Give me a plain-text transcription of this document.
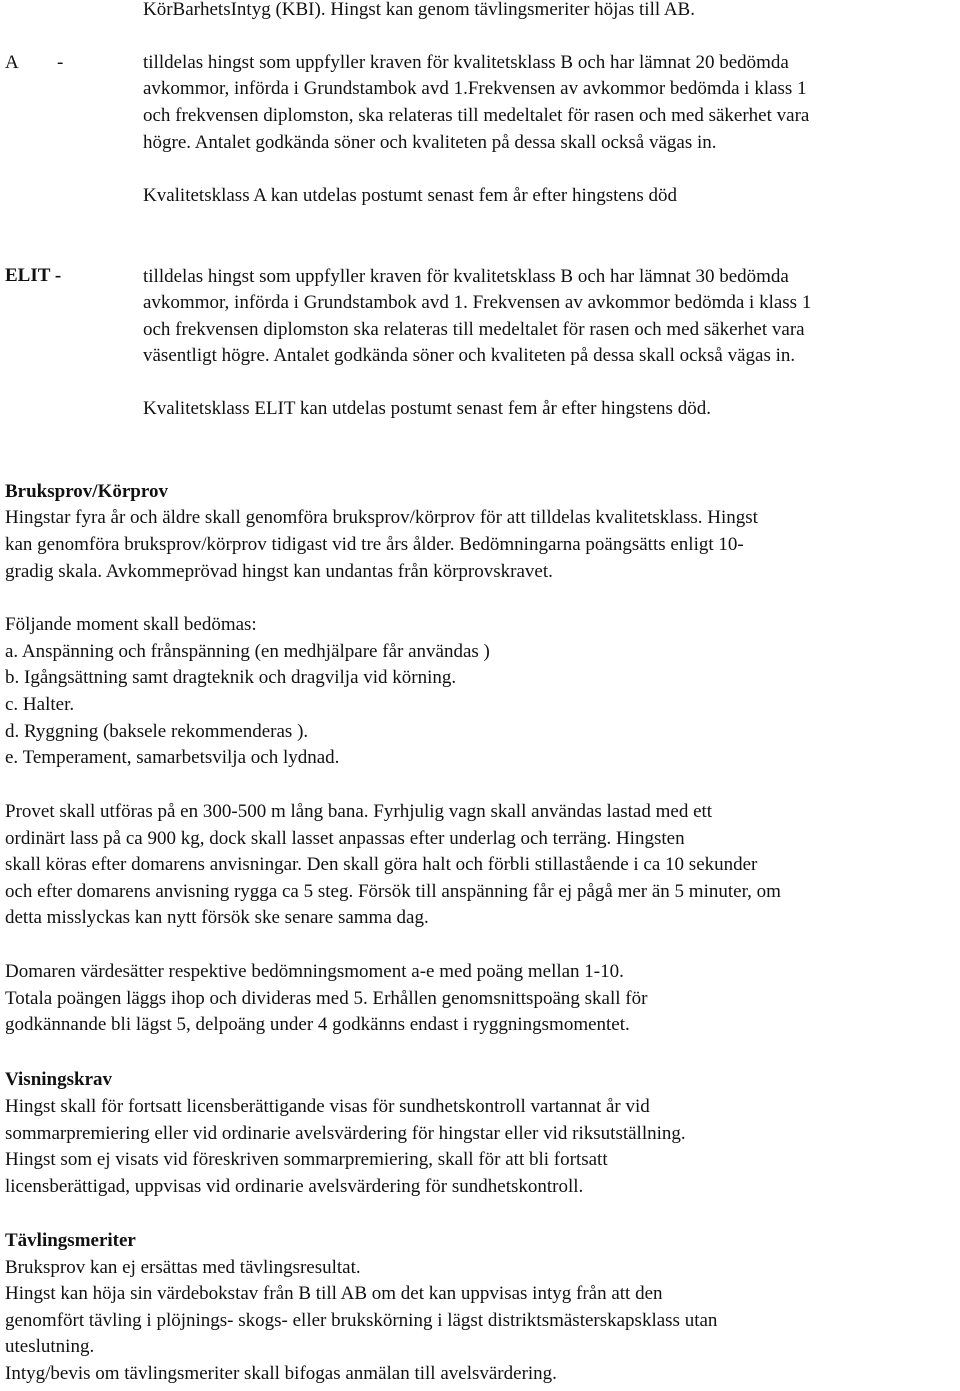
KörBarhetsIntyg (KBI). Hingst kan genom tävlingsmeriter höjas till AB.
A -	tilldelas hingst som uppfyller kraven för kvalitetsklass B och har lämnat 20 bedömda
avkommor, införda i Grundstambok avd 1.Frekvensen av avkommor bedömda i klass 1
och frekvensen diplomston, ska relateras till medeltalet för rasen och med säkerhet vara
högre. Antalet godkända söner och kvaliteten på dessa skall också vägas in.
Kvalitetsklass A kan utdelas postumt senast fem år efter hingstens död
ELIT -	tilldelas hingst som uppfyller kraven för kvalitetsklass B och har lämnat 30 bedömda
avkommor, införda i Grundstambok avd 1. Frekvensen av avkommor bedömda i klass 1
och frekvensen diplomston ska relateras till medeltalet för rasen och med säkerhet vara
väsentligt högre. Antalet godkända söner och kvaliteten på dessa skall också vägas in.
Kvalitetsklass ELIT kan utdelas postumt senast fem år efter hingstens död.
Bruksprov/Körprov
Hingstar fyra år och äldre skall genomföra bruksprov/körprov för att tilldelas kvalitetsklass. Hingst
kan genomföra bruksprov/körprov tidigast vid tre års ålder. Bedömningarna poängsätts enligt 10-
gradig skala. Avkommeprövad hingst kan undantas från körprovskravet.
Följande moment skall bedömas:
a. Anspänning och frånspänning (en medhjälpare får användas )
b. Igångsättning samt dragteknik och dragvilja vid körning.
c. Halter.
d. Ryggning (baksele rekommenderas ).
e. Temperament, samarbetsvilja och lydnad.
Provet skall utföras på en 300-500 m lång bana. Fyrhjulig vagn skall användas lastad med ett
ordinärt lass på ca 900 kg, dock skall lasset anpassas efter underlag och terräng. Hingsten
skall köras efter domarens anvisningar. Den skall göra halt och förbli stillastående i ca 10 sekunder
och efter domarens anvisning rygga ca 5 steg. Försök till anspänning får ej pågå mer än 5 minuter, om
detta misslyckas kan nytt försök ske senare samma dag.
Domaren värdesätter respektive bedömningsmoment a-e med poäng mellan 1-10.
Totala poängen läggs ihop och divideras med 5. Erhållen genomsnittspoäng skall för
godkännande bli lägst 5, delpoäng under 4 godkänns endast i ryggningsmomentet.
Visningskrav
Hingst skall för fortsatt licensberättigande visas för sundhetskontroll vartannat år vid
sommarpremiering eller vid ordinarie avelsvärdering för hingstar eller vid riksutställning.
Hingst som ej visats vid föreskriven sommarpremiering, skall för att bli fortsatt
licensberättigad, uppvisas vid ordinarie avelsvärdering för sundhetskontroll.
Tävlingsmeriter
Bruksprov kan ej ersättas med tävlingsresultat.
Hingst kan höja sin värdebokstav från B till AB om det kan uppvisas intyg från att den
genomfört tävling i plöjnings- skogs- eller brukskörning i lägst distriktsmästerskapsklass utan
uteslutning.
Intyg/bevis om tävlingsmeriter skall bifogas anmälan till avelsvärdering.
